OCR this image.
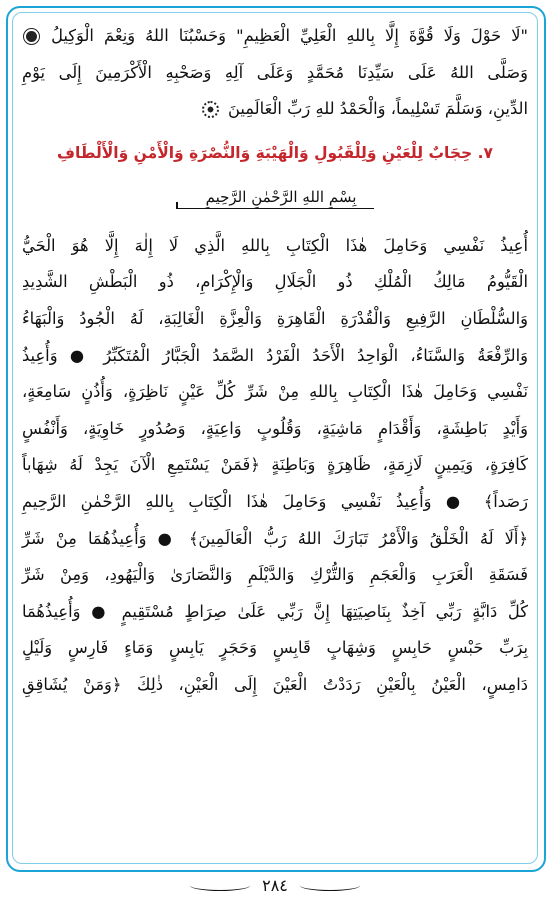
"لَا حَوْلَ وَلَا قُوَّةَ إِلَّا بِاللهِ الْعَلِيِّ الْعَظِيمِ" وَحَسْبُنَا اللهُ وَنِعْمَ الْوَكِيلُ
وَصَلَّى اللهُ عَلَى سَيِّدِنَا مُحَمَّدٍ وَعَلَى آلِهِ وَصَحْبِهِ الْأَكْرَمِينَ إِلَى يَوْمِ
الدِّينِ، وَسَلَّمَ تَسْلِيماً، وَالْحَمْدُ للهِ رَبِّ الْعَالَمِينَ
٧. حِجَابٌ لِلْعَيْنِ وَلِلْقَبُولِ وَالْهَيْبَةِ وَالنُّصْرَةِ وَالْأَمْنِ وَالْأَلْطَافِ
بِسْمِ اللهِ الرَّحْمٰنِ الرَّحِيمِ
أُعِيذُ نَفْسِي وَحَامِلَ هٰذَا الْكِتَابِ بِاللهِ الَّذِي لَا إِلٰهَ إِلَّا هُوَ الْحَيُّ
الْقَيُّومُ مَالِكُ الْمُلْكِ ذُو الْجَلَالِ وَالْإِكْرَامِ، ذُو الْبَطْشِ الشَّدِيدِ
وَالسُّلْطَانِ الرَّفِيعِ وَالْقُدْرَةِ الْقَاهِرَةِ وَالْعِزَّةِ الْغَالِبَةِ، لَهُ الْجُودُ وَالْبَهَاءُ
وَالرِّفْعَةُ وَالسَّنَاءُ، الْوَاحِدُ الْأَحَدُ الْفَرْدُ الصَّمَدُ الْجَبَّارُ الْمُتَكَبِّرُ ● وَأُعِيذُ
نَفْسِي وَحَامِلَ هٰذَا الْكِتَابِ بِاللهِ مِنْ شَرِّ كُلِّ عَيْنٍ نَاظِرَةٍ، وَأُذُنٍ سَامِعَةٍ،
وَأَيْدٍ بَاطِشَةٍ، وَأَقْدَامٍ مَاشِيَةٍ، وَقُلُوبٍ وَاعِيَةٍ، وَصُدُورٍ خَاوِيَةٍ، وَأَنْفُسٍ
كَافِرَةٍ، وَيَمِينٍ لَازِمَةٍ، ظَاهِرَةٍ وَبَاطِنَةٍ ﴿فَمَنْ يَسْتَمِعِ الْآنَ يَجِدْ لَهُ شِهَاباً
رَصَداً﴾ ● وَأُعِيذُ نَفْسِي وَحَامِلَ هٰذَا الْكِتَابِ بِاللهِ الرَّحْمٰنِ الرَّحِيمِ
﴿أَلَا لَهُ الْخَلْقُ وَالْأَمْرُ تَبَارَكَ اللهُ رَبُّ الْعَالَمِينَ﴾ ● وَأُعِيذُهُمَا مِنْ شَرِّ
فَسَقَةِ الْعَرَبِ وَالْعَجَمِ وَالتُّرْكِ وَالدَّيْلَمِ وَالنَّصَارَىٰ وَالْيَهُودِ، وَمِنْ شَرِّ
كُلِّ دَابَّةٍ رَبِّي آخِذٌ بِنَاصِيَتِهَا إِنَّ رَبِّي عَلَىٰ صِرَاطٍ مُسْتَقِيمٍ ● وَأُعِيذُهُمَا
بِرَبِّ حَبْسٍ حَابِسٍ وَشِهَابٍ قَابِسٍ وَحَجَرٍ يَابِسٍ وَمَاءٍ فَارِسٍ وَلَيْلٍ
دَامِسٍ، الْعَيْنُ بِالْعَيْنِ رَدَدْتُ الْعَيْنَ إِلَى الْعَيْنِ، ذٰلِكَ ﴿وَمَنْ يُشَاقِقِ
٢٨٤
